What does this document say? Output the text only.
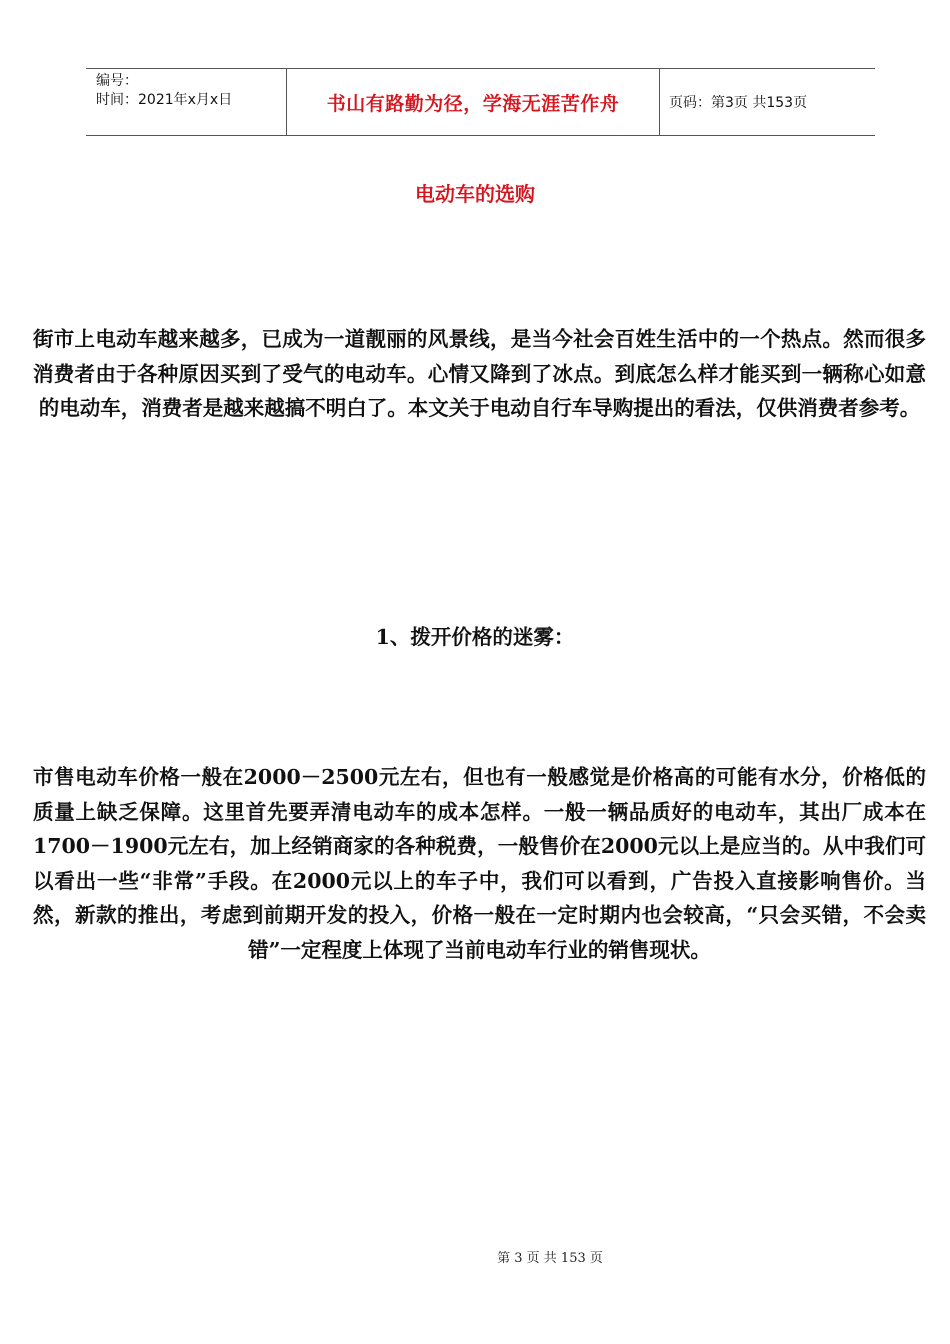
编号：
时间：2021年x月x日	书山有路勤为径，学海无涯苦作舟	页码：第3页 共153页
电动车的选购

街市上电动车越来越多，已成为一道靓丽的风景线，是当今社会百姓生活中的一个热点。然而很多消费者由于各种原因买到了受气的电动车。心情又降到了冰点。到底怎么样才能买到一辆称心如意的电动车，消费者是越来越搞不明白了。本文关于电动自行车导购提出的看法，仅供消费者参考。

1、拨开价格的迷雾：

市售电动车价格一般在2000－2500元左右，但也有一般感觉是价格高的可能有水分，价格低的质量上缺乏保障。这里首先要弄清电动车的成本怎样。一般一辆品质好的电动车，其出厂成本在1700－1900元左右，加上经销商家的各种税费，一般售价在2000元以上是应当的。从中我们可以看出一些“非常”手段。在2000元以上的车子中，我们可以看到，广告投入直接影响售价。当然，新款的推出，考虑到前期开发的投入，价格一般在一定时期内也会较高，“只会买错，不会卖错”一定程度上体现了当前电动车行业的销售现状。

第 3 页 共 153 页
